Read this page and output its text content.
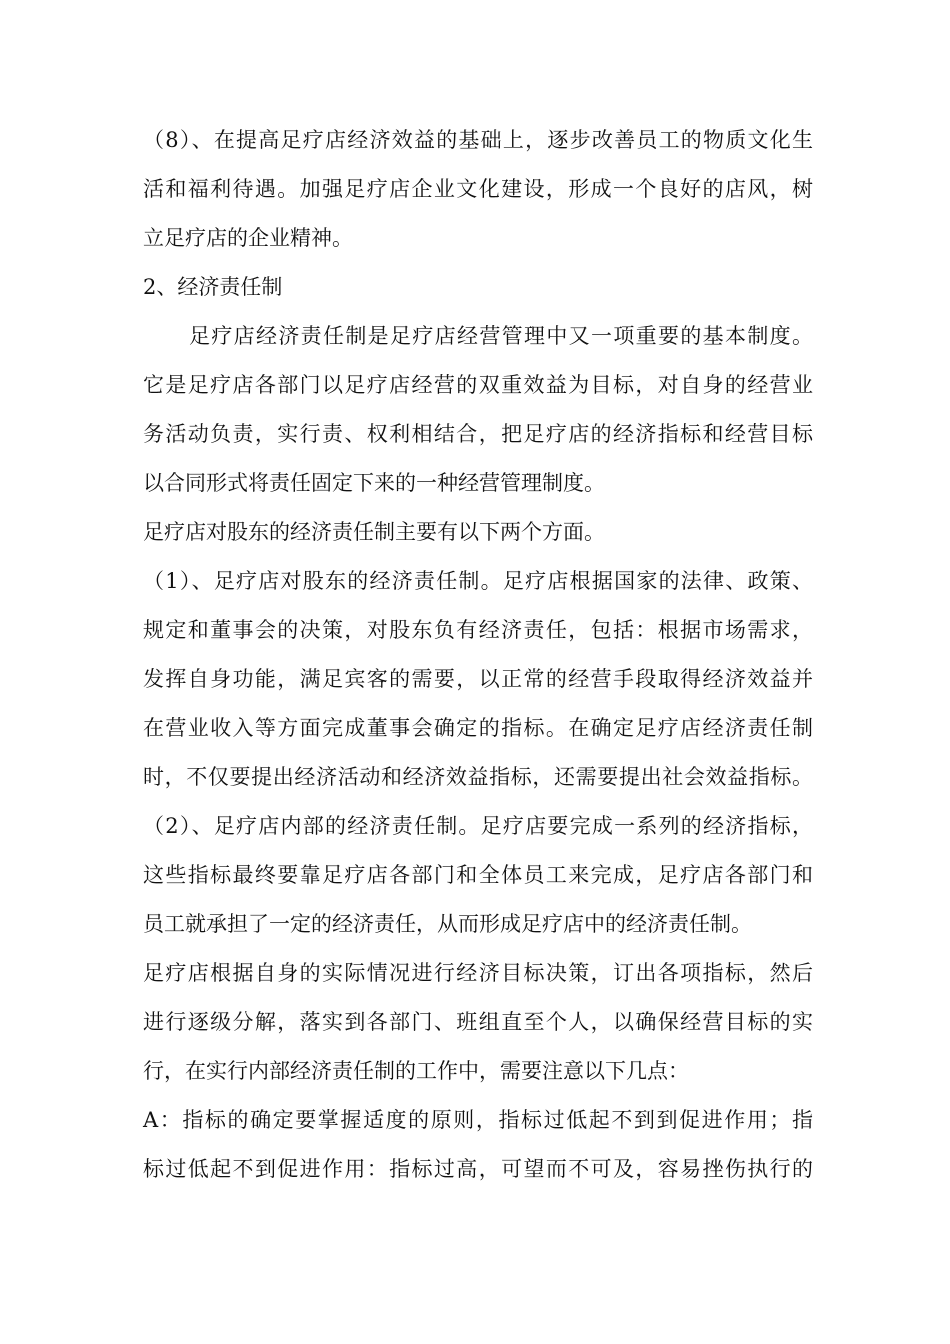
（8）、在提高足疗店经济效益的基础上，逐步改善员工的物质文化生
活和福利待遇。加强足疗店企业文化建设，形成一个良好的店风，树
立足疗店的企业精神。
2、经济责任制
足疗店经济责任制是足疗店经营管理中又一项重要的基本制度。
它是足疗店各部门以足疗店经营的双重效益为目标，对自身的经营业
务活动负责，实行责、权利相结合，把足疗店的经济指标和经营目标
以合同形式将责任固定下来的一种经营管理制度。
足疗店对股东的经济责任制主要有以下两个方面。
（1）、足疗店对股东的经济责任制。足疗店根据国家的法律、政策、
规定和董事会的决策，对股东负有经济责任，包括：根据市场需求，
发挥自身功能，满足宾客的需要，以正常的经营手段取得经济效益并
在营业收入等方面完成董事会确定的指标。在确定足疗店经济责任制
时，不仅要提出经济活动和经济效益指标，还需要提出社会效益指标。
（2）、足疗店内部的经济责任制。足疗店要完成一系列的经济指标，
这些指标最终要靠足疗店各部门和全体员工来完成，足疗店各部门和
员工就承担了一定的经济责任，从而形成足疗店中的经济责任制。
足疗店根据自身的实际情况进行经济目标决策，订出各项指标，然后
进行逐级分解，落实到各部门、班组直至个人，以确保经营目标的实
行，在实行内部经济责任制的工作中，需要注意以下几点：
A：指标的确定要掌握适度的原则，指标过低起不到到促进作用；指
标过低起不到促进作用：指标过高，可望而不可及，容易挫伤执行的
